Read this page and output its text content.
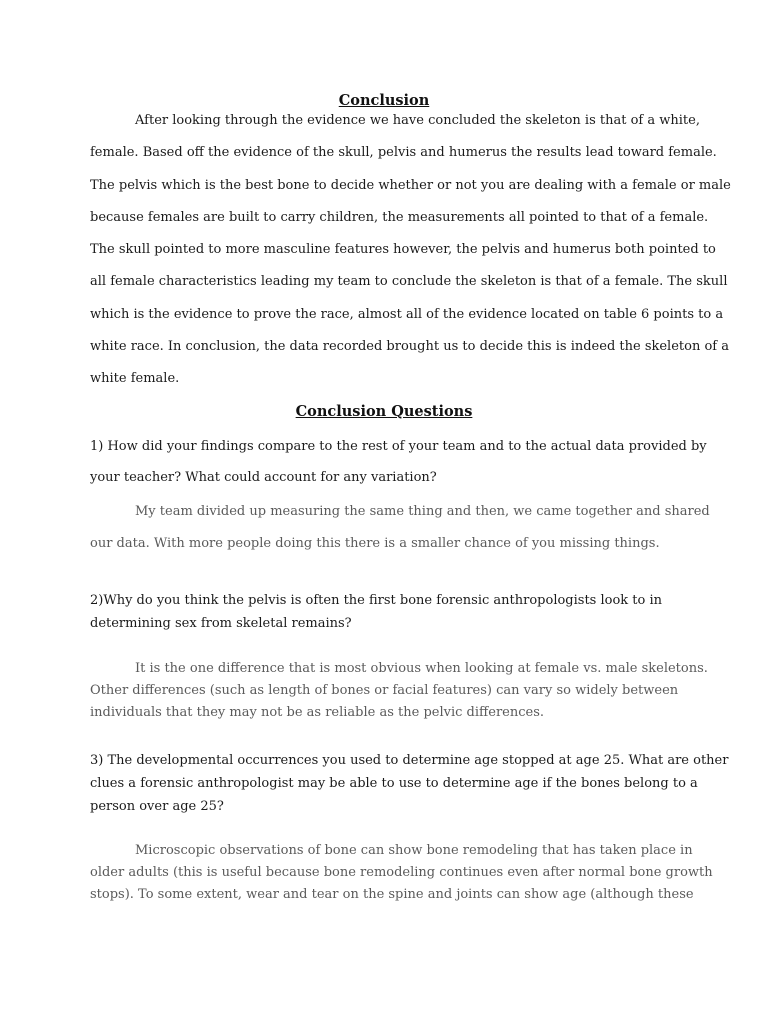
Conclusion
After looking through the evidence we have concluded the skeleton is that of a white,
female. Based off the evidence of the skull, pelvis and humerus the results lead toward female.
The pelvis which is the best bone to decide whether or not you are dealing with a female or male
because females are built to carry children, the measurements all pointed to that of a female.
The skull pointed to more masculine features however, the pelvis and humerus both pointed to
all female characteristics leading my team to conclude the skeleton is that of a female. The skull
which is the evidence to prove the race, almost all of the evidence located on table 6 points to a
white race. In conclusion, the data recorded brought us to decide this is indeed the skeleton of a
white female.
Conclusion Questions
1) How did your findings compare to the rest of your team and to the actual data provided by
your teacher? What could account for any variation?
My team divided up measuring the same thing and then, we came together and shared
our data. With more people doing this there is a smaller chance of you missing things.
2)Why do you think the pelvis is often the first bone forensic anthropologists look to in
determining sex from skeletal remains?
It is the one difference that is most obvious when looking at female vs. male skeletons.
Other differences (such as length of bones or facial features) can vary so widely between
individuals that they may not be as reliable as the pelvic differences.
3) The developmental occurrences you used to determine age stopped at age 25. What are other
clues a forensic anthropologist may be able to use to determine age if the bones belong to a
person over age 25?
Microscopic observations of bone can show bone remodeling that has taken place in
older adults (this is useful because bone remodeling continues even after normal bone growth
stops). To some extent, wear and tear on the spine and joints can show age (although these
